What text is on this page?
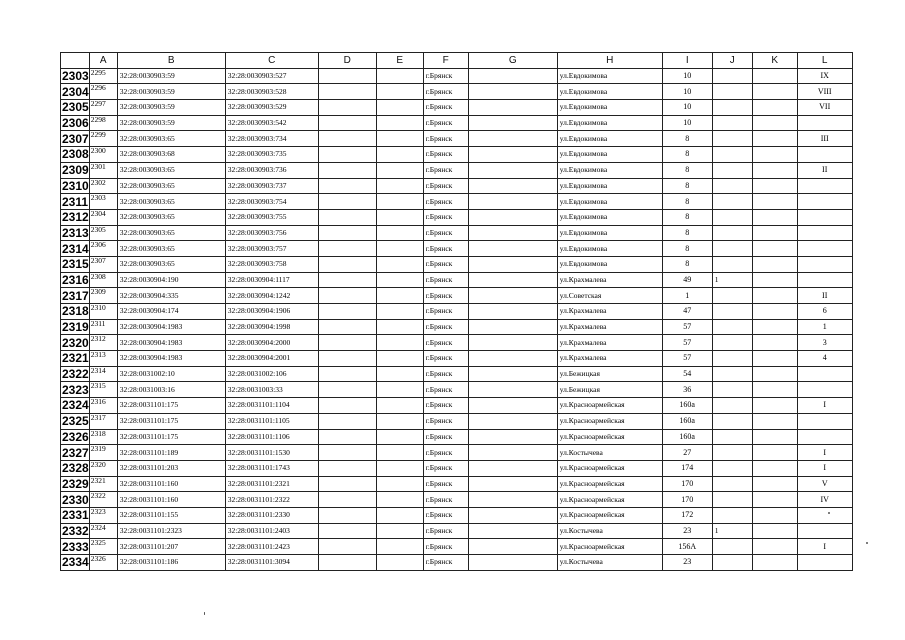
	A	B	C	D	E	F	G	H	I	J	K	L
2303	2295	32:28:0030903:59	32:28:0030903:527			г.Брянск		ул.Евдокимова	10			IX
2304	2296	32:28:0030903:59	32:28:0030903:528			г.Брянск		ул.Евдокимова	10			VIII
2305	2297	32:28:0030903:59	32:28:0030903:529			г.Брянск		ул.Евдокимова	10			VII
2306	2298	32:28:0030903:59	32:28:0030903:542			г.Брянск		ул.Евдокимова	10			
2307	2299	32:28:0030903:65	32:28:0030903:734			г.Брянск		ул.Евдокимова	8			III
2308	2300	32:28:0030903:68	32:28:0030903:735			г.Брянск		ул.Евдокимова	8			
2309	2301	32:28:0030903:65	32:28:0030903:736			г.Брянск		ул.Евдокимова	8			II
2310	2302	32:28:0030903:65	32:28:0030903:737			г.Брянск		ул.Евдокимова	8			
2311	2303	32:28:0030903:65	32:28:0030903:754			г.Брянск		ул.Евдокимова	8			
2312	2304	32:28:0030903:65	32:28:0030903:755			г.Брянск		ул.Евдокимова	8			
2313	2305	32:28:0030903:65	32:28:0030903:756			г.Брянск		ул.Евдокимова	8			
2314	2306	32:28:0030903:65	32:28:0030903:757			г.Брянск		ул.Евдокимова	8			
2315	2307	32:28:0030903:65	32:28:0030903:758			г.Брянск		ул.Евдокимова	8			
2316	2308	32:28:0030904:190	32:28:0030904:1117			г.Брянск		ул.Крахмалева	49	1		
2317	2309	32:28:0030904:335	32:28:0030904:1242			г.Брянск		ул.Советская	1			II
2318	2310	32:28:0030904:174	32:28:0030904:1906			г.Брянск		ул.Крахмалева	47			6
2319	2311	32:28:0030904:1983	32:28:0030904:1998			г.Брянск		ул.Крахмалева	57			1
2320	2312	32:28:0030904:1983	32:28:0030904:2000			г.Брянск		ул.Крахмалева	57			3
2321	2313	32:28:0030904:1983	32:28:0030904:2001			г.Брянск		ул.Крахмалева	57			4
2322	2314	32:28:0031002:10	32:28:0031002:106			г.Брянск		ул.Бежицкая	54			
2323	2315	32:28:0031003:16	32:28:0031003:33			г.Брянск		ул.Бежицкая	36			
2324	2316	32:28:0031101:175	32:28:0031101:1104			г.Брянск		ул.Красноармейская	160а			I
2325	2317	32:28:0031101:175	32:28:0031101:1105			г.Брянск		ул.Красноармейская	160а			
2326	2318	32:28:0031101:175	32:28:0031101:1106			г.Брянск		ул.Красноармейская	160а			
2327	2319	32:28:0031101:189	32:28:0031101:1530			г.Брянск		ул.Костычева	27			I
2328	2320	32:28:0031101:203	32:28:0031101:1743			г.Брянск		ул.Красноармейская	174			I
2329	2321	32:28:0031101:160	32:28:0031101:2321			г.Брянск		ул.Красноармейская	170			V
2330	2322	32:28:0031101:160	32:28:0031101:2322			г.Брянск		ул.Красноармейская	170			IV
2331	2323	32:28:0031101:155	32:28:0031101:2330			г.Брянск		ул.Красноармейская	172			
2332	2324	32:28:0031101:2323	32:28:0031101:2403			г.Брянск		ул.Костычева	23	1		
2333	2325	32:28:0031101:207	32:28:0031101:2423			г.Брянск		ул.Красноармейская	156А			I
2334	2326	32:28:0031101:186	32:28:0031101:3094			г.Брянск		ул.Костычева	23			
